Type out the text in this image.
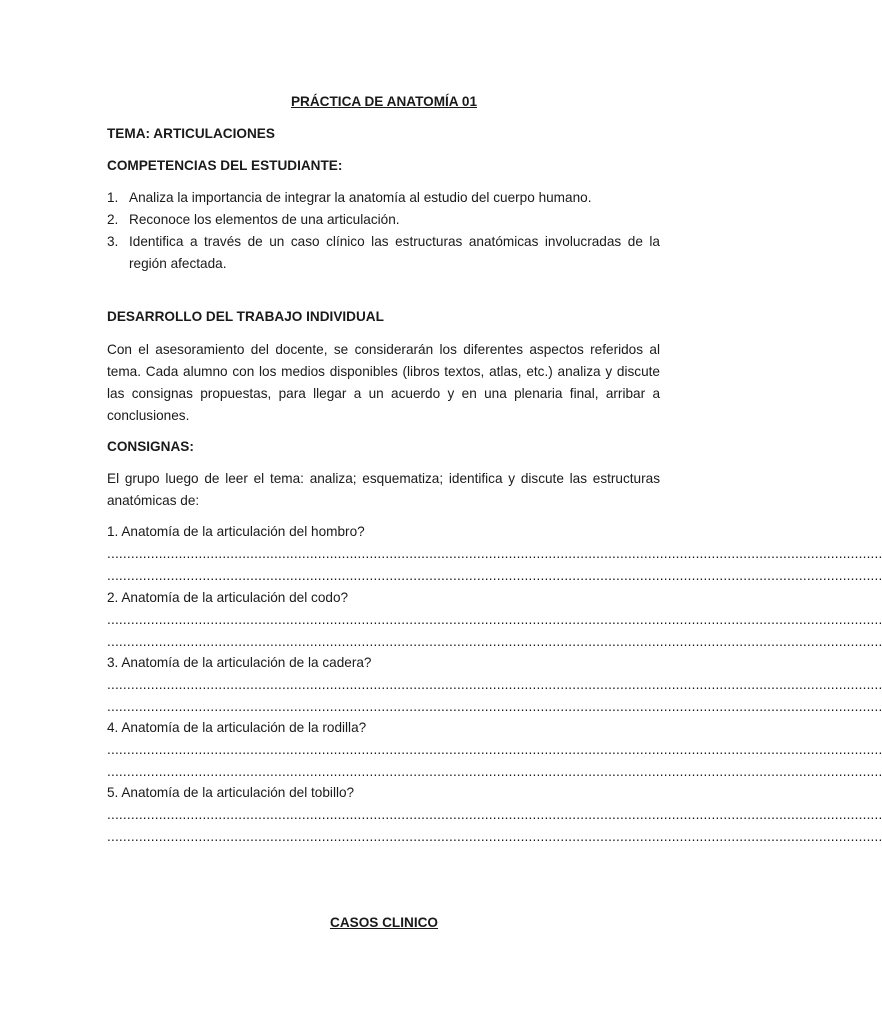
PRÁCTICA DE ANATOMÍA 01
TEMA: ARTICULACIONES
COMPETENCIAS DEL ESTUDIANTE:
1. Analiza la importancia de integrar la anatomía al estudio del cuerpo humano.
2. Reconoce los elementos de una articulación.
3. Identifica a través de un caso clínico las estructuras anatómicas involucradas de la región afectada.
DESARROLLO DEL TRABAJO INDIVIDUAL
Con el asesoramiento del docente, se considerarán los diferentes aspectos referidos al tema. Cada alumno con los medios disponibles (libros textos, atlas, etc.) analiza y discute las consignas propuestas, para llegar a un acuerdo y en una plenaria final, arribar a conclusiones.
CONSIGNAS:
El grupo luego de leer el tema: analiza; esquematiza; identifica y discute las estructuras anatómicas de:
1. Anatomía de la articulación del hombro?
...................................................................................................................................................................................................
...................................................................................................................................................................................................
2. Anatomía de la articulación del codo?
...................................................................................................................................................................................................
...................................................................................................................................................................................................
3. Anatomía de la articulación de la cadera?
...................................................................................................................................................................................................
...................................................................................................................................................................................................
4. Anatomía de la articulación de la rodilla?
...................................................................................................................................................................................................
...................................................................................................................................................................................................
5. Anatomía de la articulación del tobillo?
...................................................................................................................................................................................................
...................................................................................................................................................................................................
CASOS CLINICO
